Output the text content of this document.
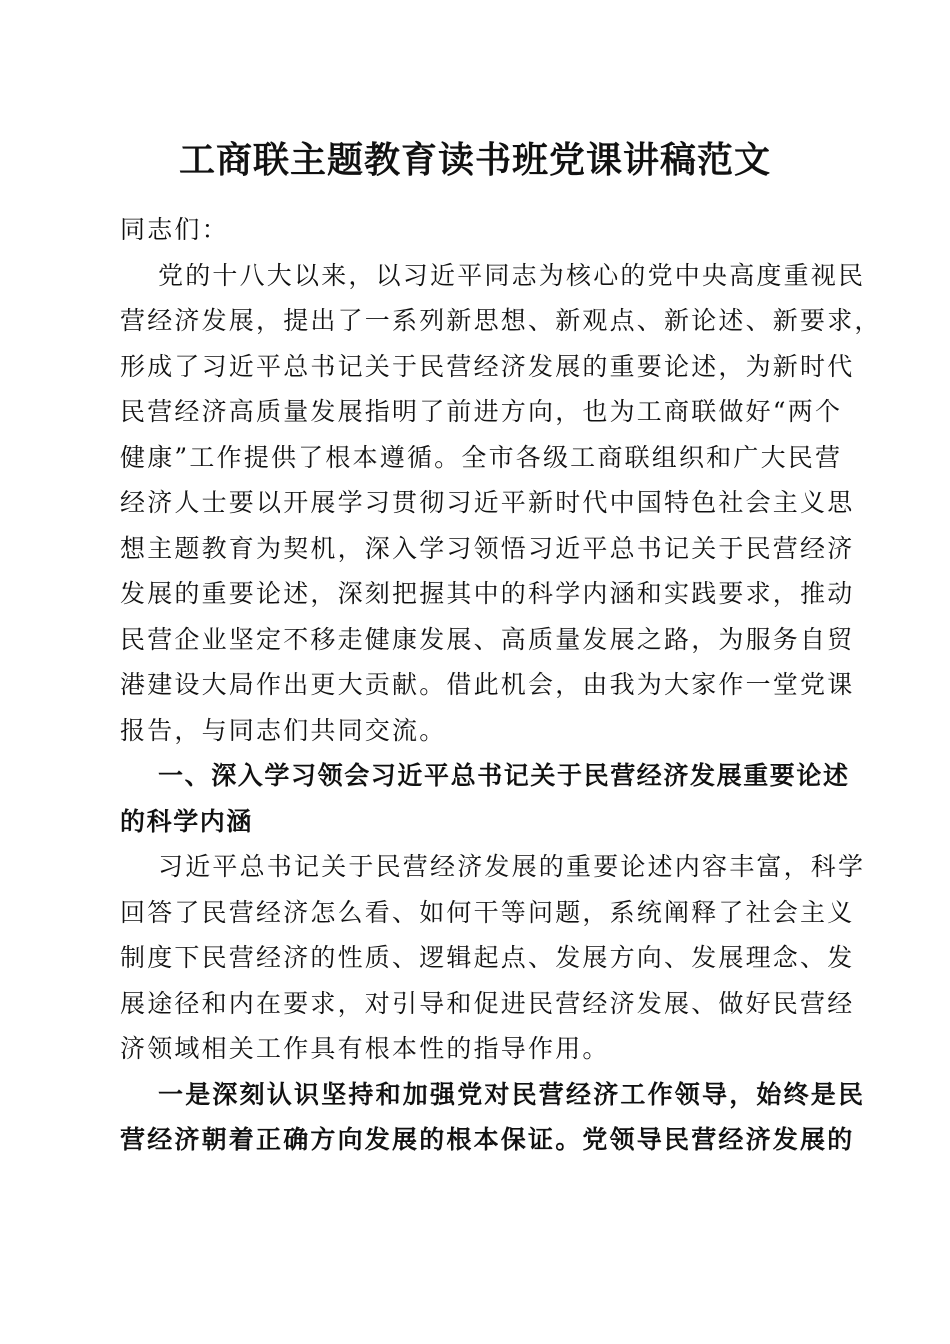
工商联主题教育读书班党课讲稿范文
同志们：
党的十八大以来，以习近平同志为核心的党中央高度重视民
营经济发展，提出了一系列新思想、新观点、新论述、新要求，
形成了习近平总书记关于民营经济发展的重要论述，为新时代
民营经济高质量发展指明了前进方向，也为工商联做好“两个
健康”工作提供了根本遵循。全市各级工商联组织和广大民营
经济人士要以开展学习贯彻习近平新时代中国特色社会主义思
想主题教育为契机，深入学习领悟习近平总书记关于民营经济
发展的重要论述，深刻把握其中的科学内涵和实践要求，推动
民营企业坚定不移走健康发展、高质量发展之路，为服务自贸
港建设大局作出更大贡献。借此机会，由我为大家作一堂党课
报告，与同志们共同交流。
一、深入学习领会习近平总书记关于民营经济发展重要论述
的科学内涵
习近平总书记关于民营经济发展的重要论述内容丰富，科学
回答了民营经济怎么看、如何干等问题，系统阐释了社会主义
制度下民营经济的性质、逻辑起点、发展方向、发展理念、发
展途径和内在要求，对引导和促进民营经济发展、做好民营经
济领域相关工作具有根本性的指导作用。
一是深刻认识坚持和加强党对民营经济工作领导，始终是民
营经济朝着正确方向发展的根本保证。党领导民营经济发展的
